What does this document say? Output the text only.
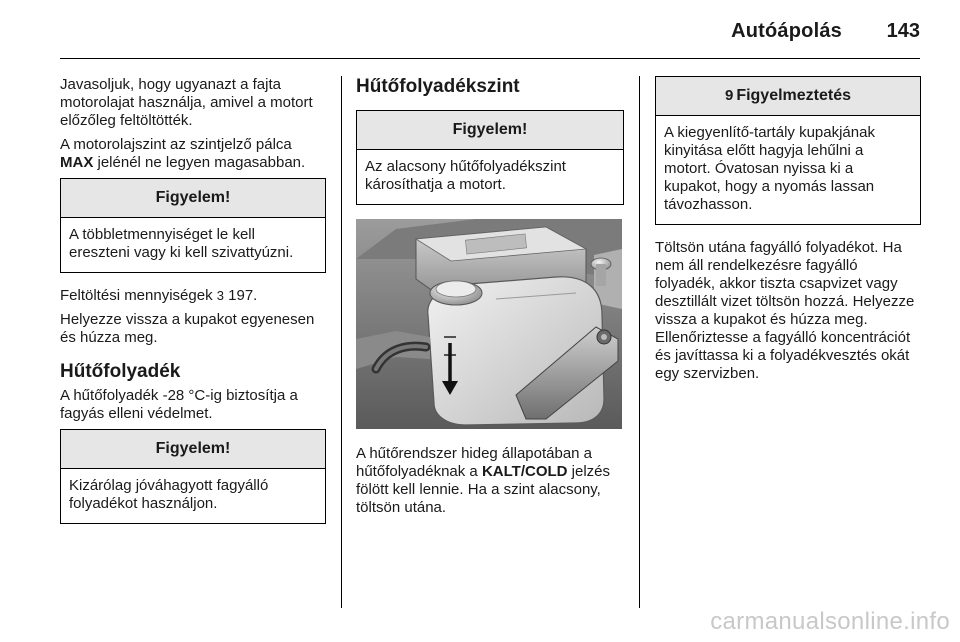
Autóápolás 143

Javasoljuk, hogy ugyanazt a fajta motorolajat használja, amivel a motort előzőleg feltöltötték.

A motorolajszint az szintjelző pálca MAX jelénél ne legyen magasabban.

Figyelem!
A többletmennyiséget le kell ereszteni vagy ki kell szivattyúzni.

Feltöltési mennyiségek 3 197.

Helyezze vissza a kupakot egyenesen és húzza meg.

Hűtőfolyadék

A hűtőfolyadék -28 °C-ig biztosítja a fagyás elleni védelmet.

Figyelem!
Kizárólag jóváhagyott fagyálló folyadékot használjon.
Hűtőfolyadékszint
Figyelem!
Az alacsony hűtőfolyadékszint károsíthatja a motort.

A hűtőrendszer hideg állapotában a hűtőfolyadéknak a KALT/COLD jelzés fölött kell lennie. Ha a szint alacsony, töltsön utána.

9 Figyelmeztetés
A kiegyenlítő-tartály kupakjának kinyitása előtt hagyja lehűlni a motort. Óvatosan nyissa ki a kupakot, hogy a nyomás lassan távozhasson.

Töltsön utána fagyálló folyadékot. Ha nem áll rendelkezésre fagyálló folyadék, akkor tiszta csapvizet vagy desztillált vizet töltsön hozzá. Helyezze vissza a kupakot és húzza meg. Ellenőriztesse a fagyálló koncentrációt és javíttassa ki a folyadékvesztés okát egy szervizben.

carmanualsonline.info
